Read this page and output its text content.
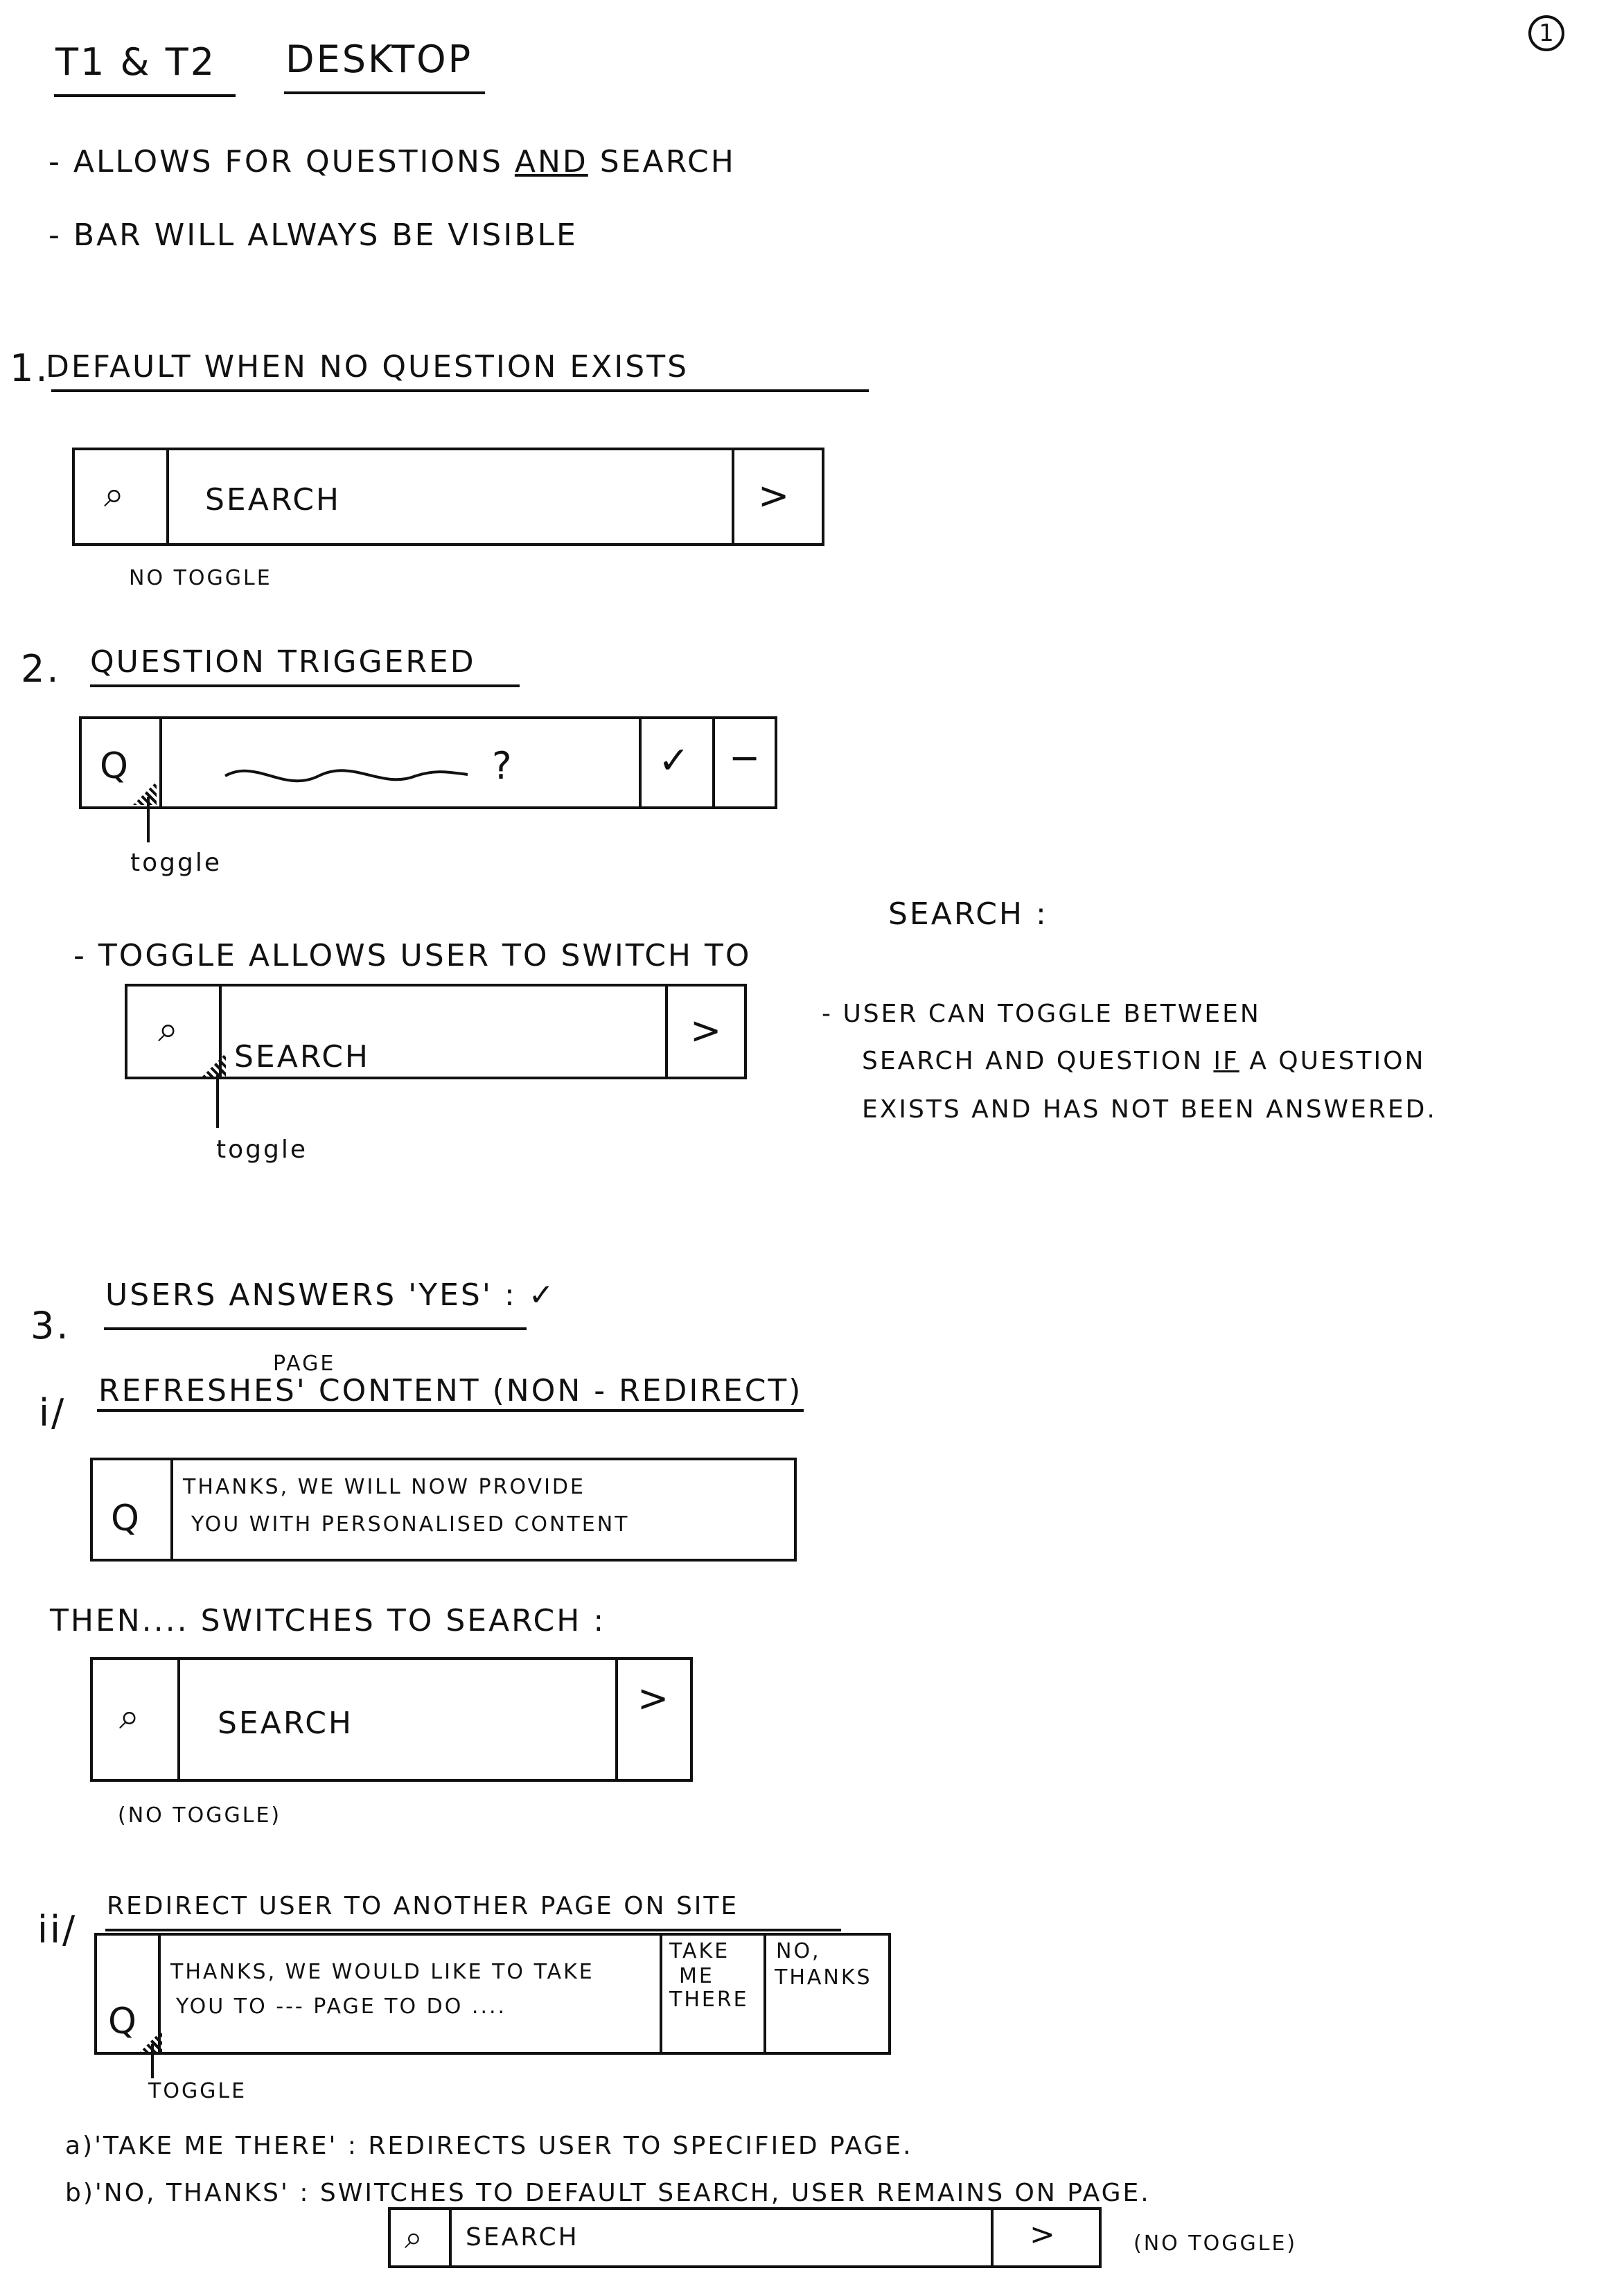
1
T1 & T2 DESKTOP
- ALLOWS FOR QUESTIONS AND SEARCH
- BAR WILL ALWAYS BE VISIBLE
1.
DEFAULT WHEN NO QUESTION EXISTS
⌕	SEARCH	>
NO TOGGLE
2. QUESTION TRIGGERED
Q	?	✓ −
toggle
- TOGGLE ALLOWS USER TO SWITCH TO
SEARCH :
⌕
SEARCH
>
toggle
- USER CAN TOGGLE BETWEEN
SEARCH AND QUESTION IF A QUESTION
EXISTS AND HAS NOT BEEN ANSWERED.
3.
USERS ANSWERS 'YES' : ✓
i/
PAGE
REFRESHES' CONTENT (NON - REDIRECT)
Q
THANKS, WE WILL NOW PROVIDE
YOU WITH PERSONALISED CONTENT
THEN.... SWITCHES TO SEARCH :
⌕	SEARCH
>
(NO TOGGLE)
ii/
REDIRECT USER TO ANOTHER PAGE ON SITE
Q
THANKS, WE WOULD LIKE TO TAKE
YOU TO --- PAGE TO DO ....
TAKE
ME
THERE
NO,
THANKS
TOGGLE
a)'TAKE ME THERE' : REDIRECTS USER TO SPECIFIED PAGE.
b)'NO, THANKS' : SWITCHES TO DEFAULT SEARCH, USER REMAINS ON PAGE.
⌕ SEARCH	>	(NO TOGGLE)
